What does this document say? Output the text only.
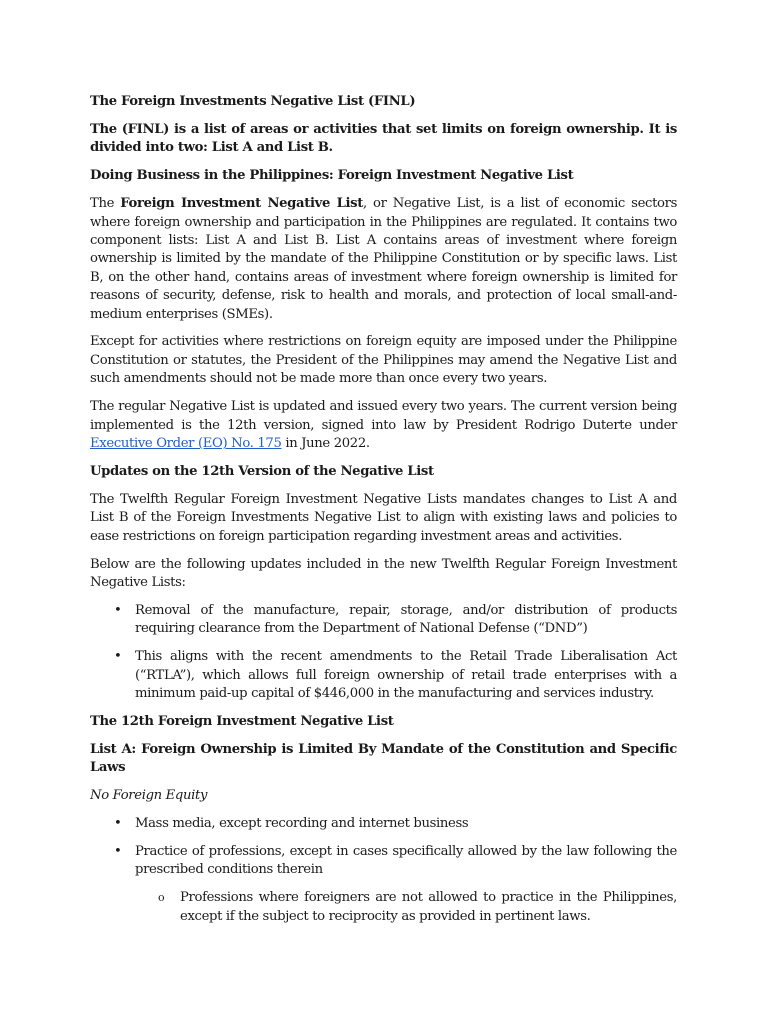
The Foreign Investments Negative List (FINL)

The (FINL) is a list of areas or activities that set limits on foreign ownership. It is divided into two: List A and List B.

Doing Business in the Philippines: Foreign Investment Negative List

The Foreign Investment Negative List, or Negative List, is a list of economic sectors where foreign ownership and participation in the Philippines are regulated. It contains two component lists: List A and List B. List A contains areas of investment where foreign ownership is limited by the mandate of the Philippine Constitution or by specific laws. List B, on the other hand, contains areas of investment where foreign ownership is limited for reasons of security, defense, risk to health and morals, and protection of local small-and-medium enterprises (SMEs).

Except for activities where restrictions on foreign equity are imposed under the Philippine Constitution or statutes, the President of the Philippines may amend the Negative List and such amendments should not be made more than once every two years.

The regular Negative List is updated and issued every two years. The current version being implemented is the 12th version, signed into law by President Rodrigo Duterte under Executive Order (EO) No. 175 in June 2022.

Updates on the 12th Version of the Negative List

The Twelfth Regular Foreign Investment Negative Lists mandates changes to List A and List B of the Foreign Investments Negative List to align with existing laws and policies to ease restrictions on foreign participation regarding investment areas and activities.

Below are the following updates included in the new Twelfth Regular Foreign Investment Negative Lists:

• Removal of the manufacture, repair, storage, and/or distribution of products requiring clearance from the Department of National Defense (“DND”)
• This aligns with the recent amendments to the Retail Trade Liberalisation Act (“RTLA”), which allows full foreign ownership of retail trade enterprises with a minimum paid-up capital of $446,000 in the manufacturing and services industry.

The 12th Foreign Investment Negative List

List A: Foreign Ownership is Limited By Mandate of the Constitution and Specific Laws

No Foreign Equity

• Mass media, except recording and internet business
• Practice of professions, except in cases specifically allowed by the law following the prescribed conditions therein
o Professions where foreigners are not allowed to practice in the Philippines, except if the subject to reciprocity as provided in pertinent laws.
